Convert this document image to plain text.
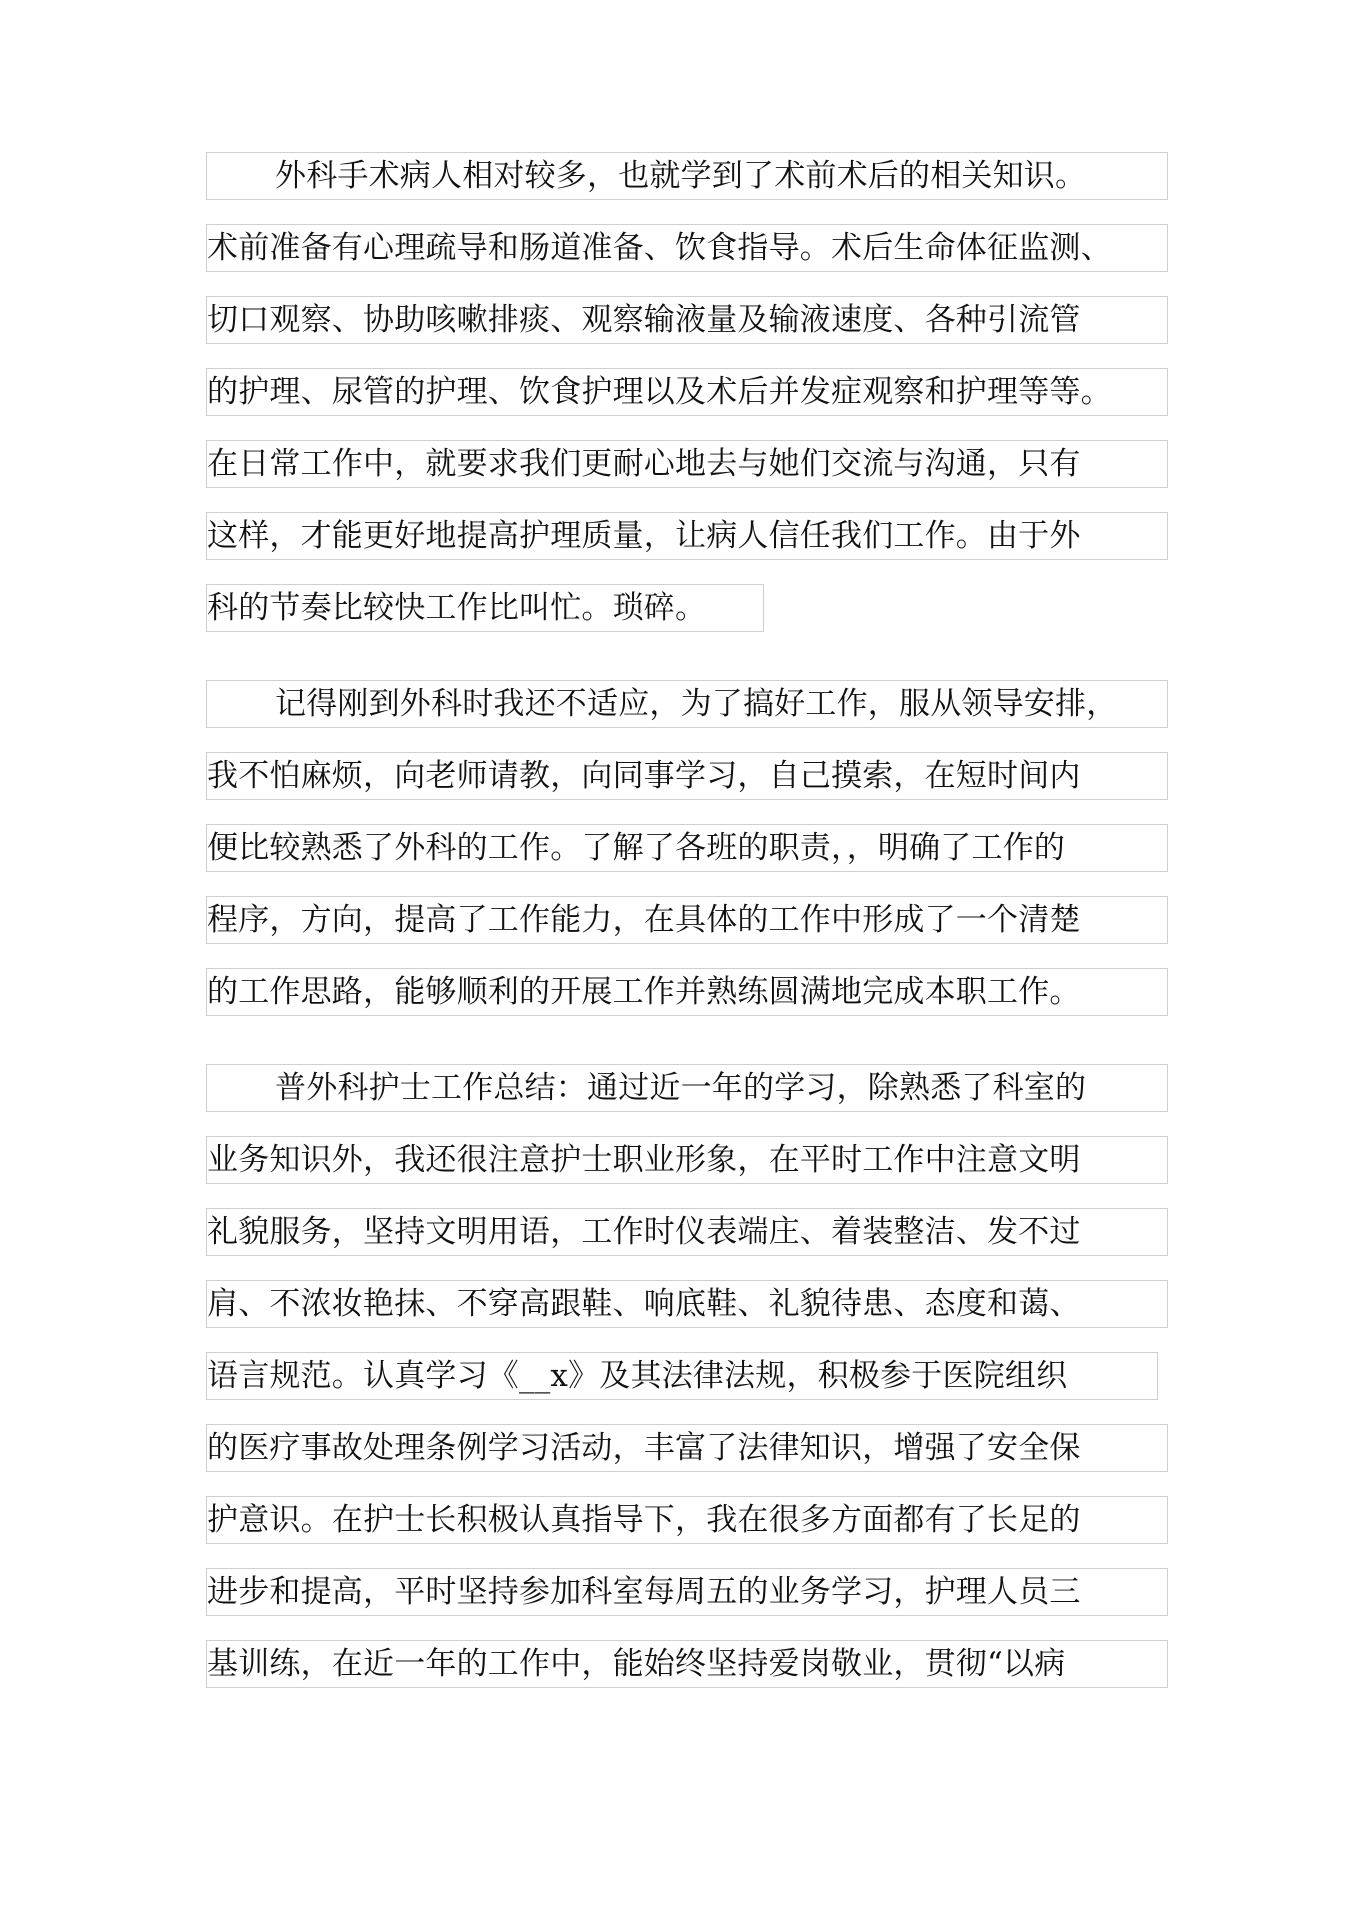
外科手术病人相对较多，也就学到了术前术后的相关知识。
术前准备有心理疏导和肠道准备、饮食指导。术后生命体征监测、
切口观察、协助咳嗽排痰、观察输液量及输液速度、各种引流管
的护理、尿管的护理、饮食护理以及术后并发症观察和护理等等。
在日常工作中，就要求我们更耐心地去与她们交流与沟通，只有
这样，才能更好地提高护理质量，让病人信任我们工作。由于外
科的节奏比较快工作比叫忙。琐碎。
记得刚到外科时我还不适应，为了搞好工作，服从领导安排，
我不怕麻烦，向老师请教，向同事学习，自己摸索，在短时间内
便比较熟悉了外科的工作。了解了各班的职责，，明确了工作的
程序，方向，提高了工作能力，在具体的工作中形成了一个清楚
的工作思路，能够顺利的开展工作并熟练圆满地完成本职工作。
普外科护士工作总结：通过近一年的学习，除熟悉了科室的
业务知识外，我还很注意护士职业形象，在平时工作中注意文明
礼貌服务，坚持文明用语，工作时仪表端庄、着装整洁、发不过
肩、不浓妆艳抹、不穿高跟鞋、响底鞋、礼貌待患、态度和蔼、
语言规范。认真学习《__x》及其法律法规，积极参于医院组织
的医疗事故处理条例学习活动，丰富了法律知识，增强了安全保
护意识。在护士长积极认真指导下，我在很多方面都有了长足的
进步和提高，平时坚持参加科室每周五的业务学习，护理人员三
基训练，在近一年的工作中，能始终坚持爱岗敬业，贯彻“以病
